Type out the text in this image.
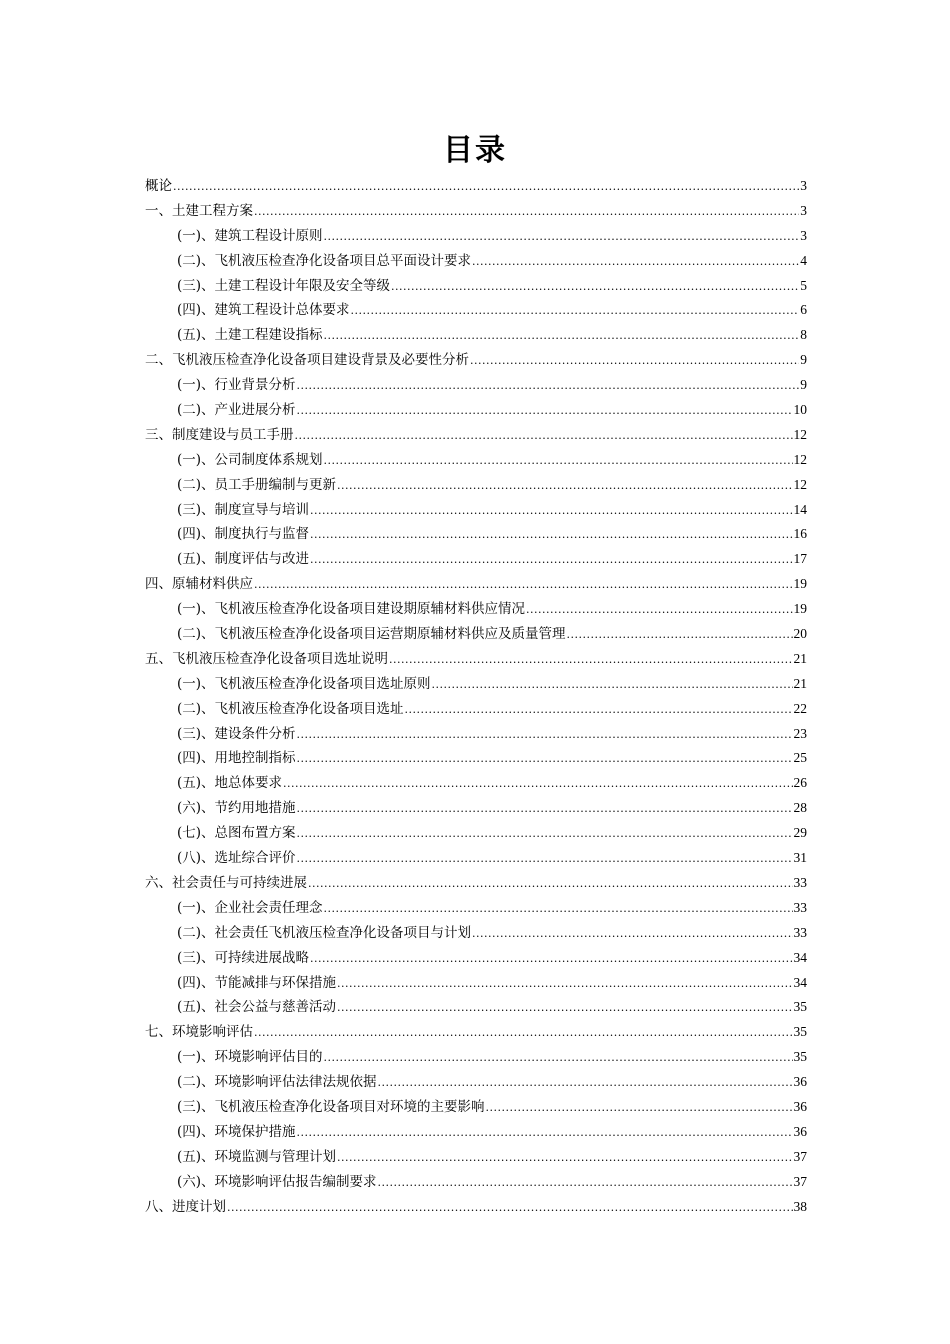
目录
概论 .....	3
一、土建工程方案 .....	3
(一)、建筑工程设计原则 .....	3
(二)、飞机液压检查净化设备项目总平面设计要求 .....	4
(三)、土建工程设计年限及安全等级 .....	5
(四)、建筑工程设计总体要求 .....	6
(五)、土建工程建设指标 .....	8
二、飞机液压检查净化设备项目建设背景及必要性分析 .....	9
(一)、行业背景分析 .....	9
(二)、产业进展分析 .....	10
三、制度建设与员工手册 .....	12
(一)、公司制度体系规划 .....	12
(二)、员工手册编制与更新 .....	12
(三)、制度宣导与培训 .....	14
(四)、制度执行与监督 .....	16
(五)、制度评估与改进 .....	17
四、原辅材料供应 .....	19
(一)、飞机液压检查净化设备项目建设期原辅材料供应情况 .....	19
(二)、飞机液压检查净化设备项目运营期原辅材料供应及质量管理 .....	20
五、飞机液压检查净化设备项目选址说明 .....	21
(一)、飞机液压检查净化设备项目选址原则 .....	21
(二)、飞机液压检查净化设备项目选址 .....	22
(三)、建设条件分析 .....	23
(四)、用地控制指标 .....	25
(五)、地总体要求 .....	26
(六)、节约用地措施 .....	28
(七)、总图布置方案 .....	29
(八)、选址综合评价 .....	31
六、社会责任与可持续进展 .....	33
(一)、企业社会责任理念 .....	33
(二)、社会责任飞机液压检查净化设备项目与计划 .....	33
(三)、可持续进展战略 .....	34
(四)、节能减排与环保措施 .....	34
(五)、社会公益与慈善活动 .....	35
七、环境影响评估 .....	35
(一)、环境影响评估目的 .....	35
(二)、环境影响评估法律法规依据 .....	36
(三)、飞机液压检查净化设备项目对环境的主要影响 .....	36
(四)、环境保护措施 .....	36
(五)、环境监测与管理计划 .....	37
(六)、环境影响评估报告编制要求 .....	37
八、进度计划 .....	38
